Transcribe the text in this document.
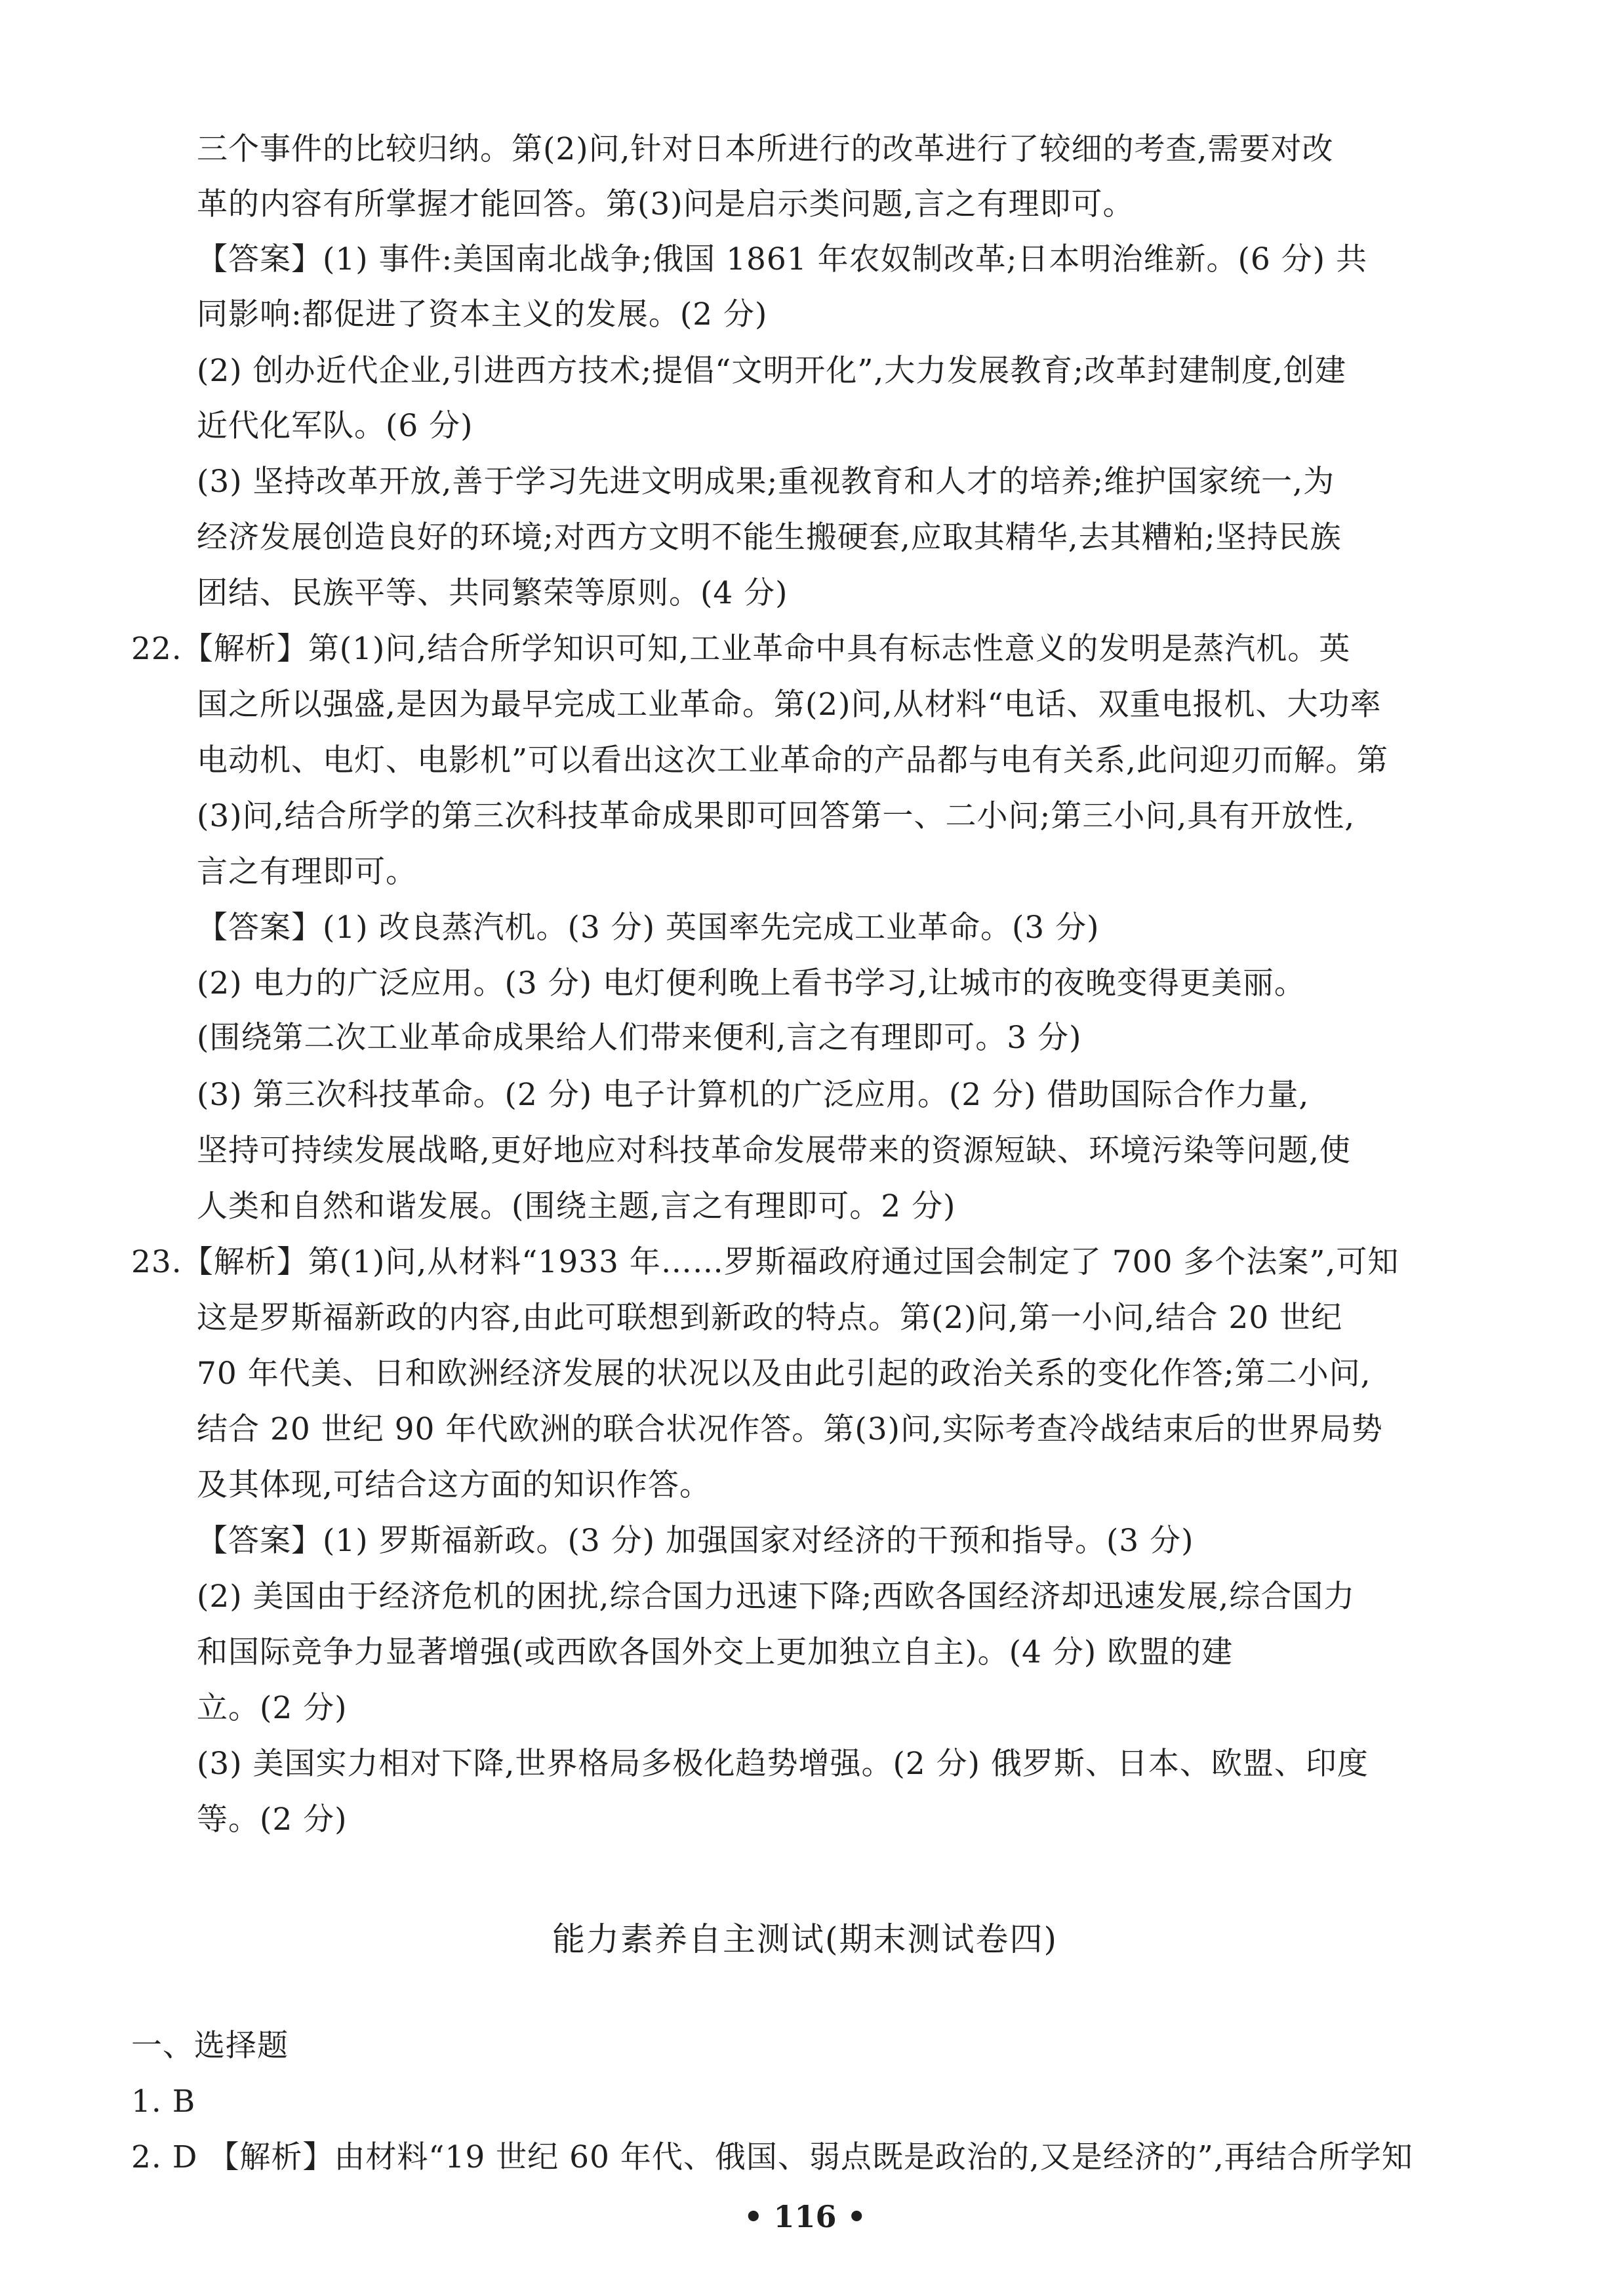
三个事件的比较归纳。第(2)问,针对日本所进行的改革进行了较细的考查,需要对改
革的内容有所掌握才能回答。第(3)问是启示类问题,言之有理即可。
【答案】(1) 事件:美国南北战争;俄国 1861 年农奴制改革;日本明治维新。(6 分) 共
同影响:都促进了资本主义的发展。(2 分)
(2) 创办近代企业,引进西方技术;提倡“文明开化”,大力发展教育;改革封建制度,创建
近代化军队。(6 分)
(3) 坚持改革开放,善于学习先进文明成果;重视教育和人才的培养;维护国家统一,为
经济发展创造良好的环境;对西方文明不能生搬硬套,应取其精华,去其糟粕;坚持民族
团结、民族平等、共同繁荣等原则。(4 分)
22.【解析】第(1)问,结合所学知识可知,工业革命中具有标志性意义的发明是蒸汽机。英
国之所以强盛,是因为最早完成工业革命。第(2)问,从材料“电话、双重电报机、大功率
电动机、电灯、电影机”可以看出这次工业革命的产品都与电有关系,此问迎刃而解。第
(3)问,结合所学的第三次科技革命成果即可回答第一、二小问;第三小问,具有开放性,
言之有理即可。
【答案】(1) 改良蒸汽机。(3 分) 英国率先完成工业革命。(3 分)
(2) 电力的广泛应用。(3 分) 电灯便利晚上看书学习,让城市的夜晚变得更美丽。
(围绕第二次工业革命成果给人们带来便利,言之有理即可。3 分)
(3) 第三次科技革命。(2 分) 电子计算机的广泛应用。(2 分) 借助国际合作力量,
坚持可持续发展战略,更好地应对科技革命发展带来的资源短缺、环境污染等问题,使
人类和自然和谐发展。(围绕主题,言之有理即可。2 分)
23.【解析】第(1)问,从材料“1933 年……罗斯福政府通过国会制定了 700 多个法案”,可知
这是罗斯福新政的内容,由此可联想到新政的特点。第(2)问,第一小问,结合 20 世纪
70 年代美、日和欧洲经济发展的状况以及由此引起的政治关系的变化作答;第二小问,
结合 20 世纪 90 年代欧洲的联合状况作答。第(3)问,实际考查冷战结束后的世界局势
及其体现,可结合这方面的知识作答。
【答案】(1) 罗斯福新政。(3 分) 加强国家对经济的干预和指导。(3 分)
(2) 美国由于经济危机的困扰,综合国力迅速下降;西欧各国经济却迅速发展,综合国力
和国际竞争力显著增强(或西欧各国外交上更加独立自主)。(4 分) 欧盟的建
立。(2 分)
(3) 美国实力相对下降,世界格局多极化趋势增强。(2 分) 俄罗斯、日本、欧盟、印度
等。(2 分)
能力素养自主测试(期末测试卷四)
一、选择题
1. B
2. D 【解析】由材料“19 世纪 60 年代、俄国、弱点既是政治的,又是经济的”,再结合所学知
• 116 •
